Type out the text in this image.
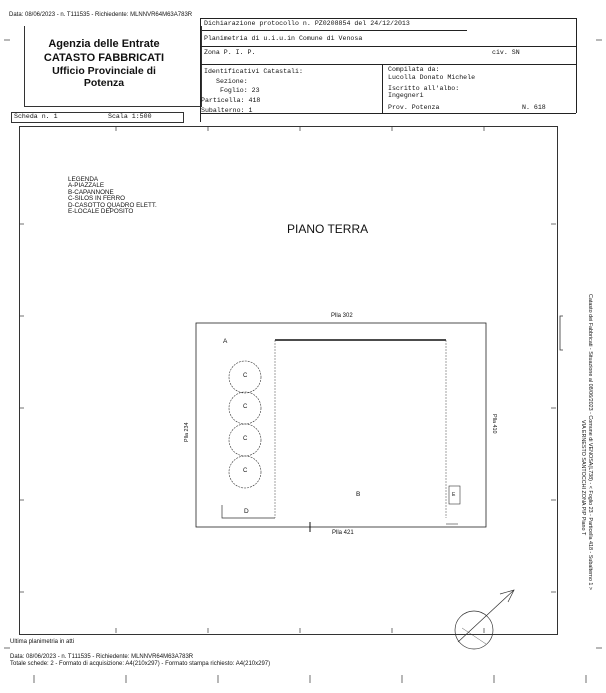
Data: 08/06/2023 - n. T111535 - Richiedente: MLNNVR64M63A783R
Agenzia delle Entrate
CATASTO FABBRICATI
Ufficio Provinciale di
Potenza
Dichiarazione protocollo n. PZ0208854 del 24/12/2013
Planimetria di u.i.u.in Comune di Venosa
Zona P. I. P.	civ. SN
Identificativi Catastali:
Sezione:
Foglio: 23
Particella: 418
Subalterno: 1
Compilata da:
Lucolla Donato Michele
Iscritto all'albo:
Ingegneri
Prov. Potenza	N. 618
Scheda n. 1	Scala 1:500
LEGENDA
A-PIAZZALE
B-CAPANNONE
C-SILOS IN FERRO
D-CASOTTO QUADRO ELETT.
E-LOCALE DEPOSITO
PIANO TERRA
Plla 302
Plla 421
Plla 234	Plla 410
A
B
C
C
C
C
D
E	Catasto dei Fabbricati - Situazione al 08/06/2023 - Comune di VENOSA(L738) - < Foglio 23 - Particella 418 - Subalterno 1 >
VIA ERNESTO SANTOCCHI ZONA PIP Piano T
Ultima planimetria in atti
Data: 08/06/2023 - n. T111535 - Richiedente: MLNNVR64M63A783R
Totale schede: 2 - Formato di acquisizione: A4(210x297) - Formato stampa richiesto: A4(210x297)
